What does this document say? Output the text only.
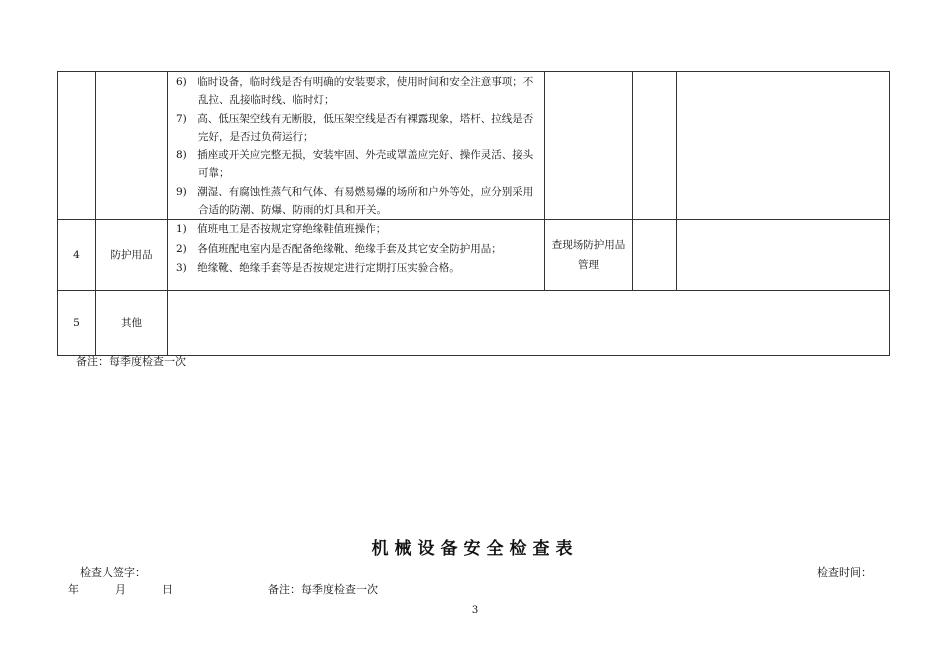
		6)　临时设备，临时线是否有明确的安装要求，使用时间和安全注意事项；不乱拉、乱接临时线、临时灯；
7)　高、低压架空线有无断股，低压架空线是否有裸露现象，塔杆、拉线是否完好，是否过负荷运行；
8)　插座或开关应完整无损，安装牢固、外壳或罩盖应完好、操作灵活、接头可靠；
9)　潮湿、有腐蚀性蒸气和气体、有易燃易爆的场所和户外等处，应分别采用合适的防潮、防爆、防雨的灯具和开关。			

4	防护用品	1)　值班电工是否按规定穿绝缘鞋值班操作；
2)　各值班配电室内是否配备绝缘靴、绝缘手套及其它安全防护用品；
3)　绝缘靴、绝缘手套等是否按规定进行定期打压实验合格。	查现场防护用品管理		
5	其他				
备注：每季度检查一次
机械设备安全检查表
检查人签字：	检查时间：
年	月	日	备注：每季度检查一次
3
